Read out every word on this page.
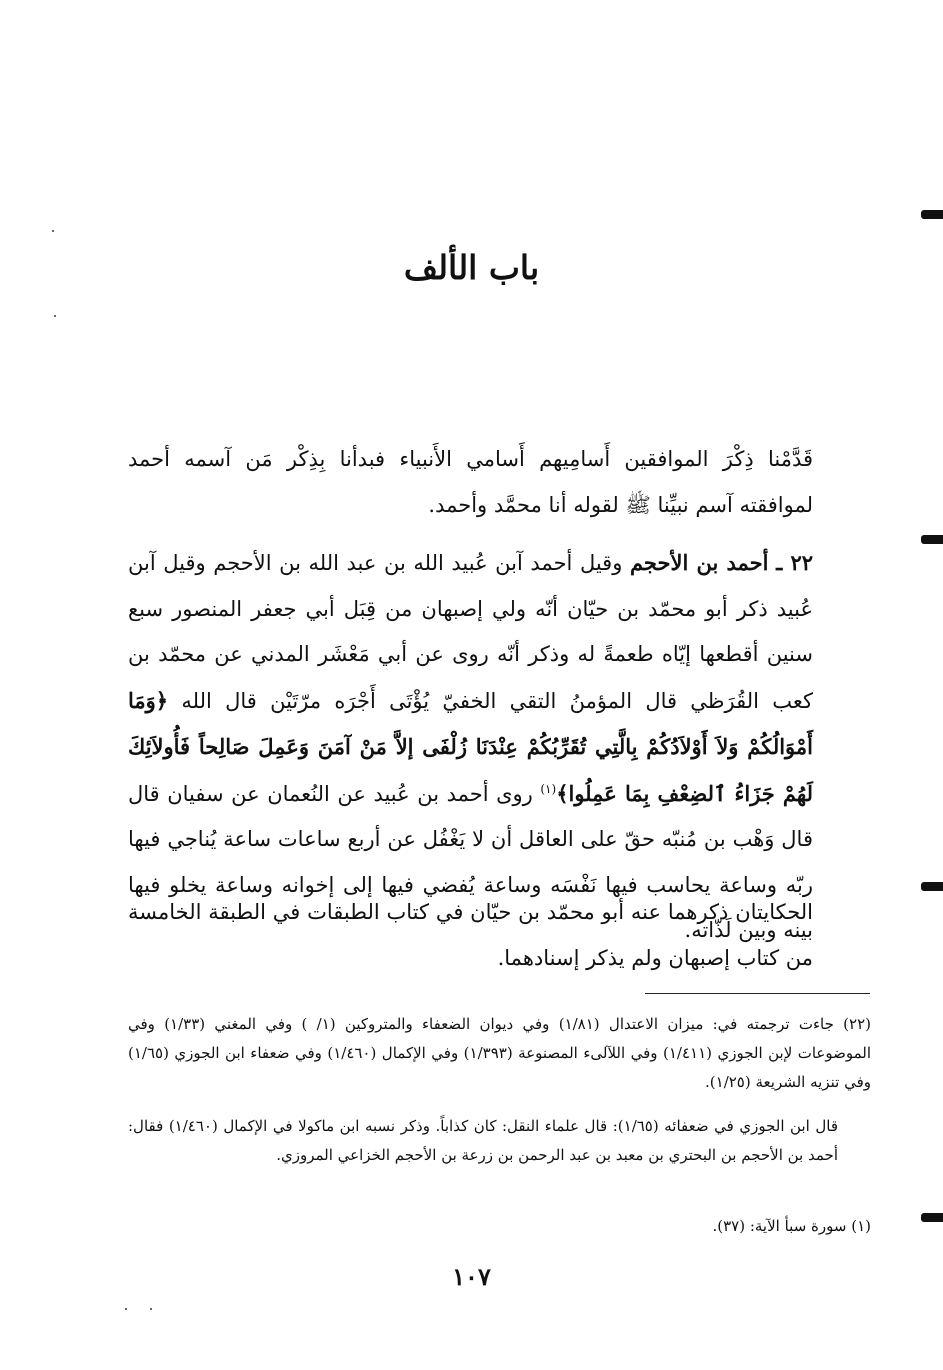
باب الألف

قَدَّمْنا ذِكْرَ الموافقين أَسامِيهم أَسامي الأَنبياء فبدأنا بِذِكْر مَن آسمه أحمد لموافقته آسم نبيِّنا ﷺ لقوله أنا محمَّد وأحمد.

٢٢ ـ أحمد بن الأحجم وقيل أحمد آبن عُبيد الله بن عبد الله بن الأحجم وقيل آبن عُبيد ذكر أبو محمّد بن حيّان أنّه ولي إصبهان من قِبَل أبي جعفر المنصور سبع سنين أقطعها إيّاه طعمةً له وذكر أنّه روى عن أبي مَعْشَر المدني عن محمّد بن كعب القُرَظي قال المؤمنُ التقي الخفيّ يُؤْتَى أَجْرَه مرّتَيْن قال الله ﴿وَمَا أَمْوَالُكُمْ وَلاَ أَوْلاَدُكُمْ بِالَّتِي تُقَرِّبُكُمْ عِنْدَنَا زُلْفَى إلاَّ مَنْ آمَنَ وَعَمِلَ صَالِحاً فَأُولاَئِكَ لَهُمْ جَزَاءُ ٱلضِعْفِ بِمَا عَمِلُوا﴾$^{(١)}$ روى أحمد بن عُبيد عن النُعمان عن سفيان قال قال وَهْب بن مُنبّه حقّ على العاقل أن لا يَغْفُل عن أربع ساعات ساعة يُناجي فيها ربّه وساعة يحاسب فيها نَفْسَه وساعة يُفضي فيها إلى إخوانه وساعة يخلو فيها بينه وبين لَذّاته.

الحكايتان ذكرهما عنه أبو محمّد بن حيّان في كتاب الطبقات في الطبقة الخامسة من كتاب إصبهان ولم يذكر إسنادهما.

(٢٢) جاءت ترجمته في: ميزان الاعتدال (١/٨١) وفي ديوان الضعفاء والمتروكين (١/ ) وفي المغني (١/٣٣) وفي الموضوعات لإبن الجوزي (١/٤١١) وفي اللآلىء المصنوعة (١/٣٩٣) وفي الإكمال (١/٤٦٠) وفي ضعفاء ابن الجوزي (١/٦٥) وفي تنزيه الشريعة (١/٢٥).

قال ابن الجوزي في ضعفائه (١/٦٥): قال علماء النقل: كان كذاباً. وذكر نسبه ابن ماكولا في الإكمال (١/٤٦٠) فقال: أحمد بن الأحجم بن البحتري بن معبد بن عبد الرحمن بن زرعة بن الأحجم الخزاعي المروزي.

(١) سورة سبأ الآية: (٣٧).

١٠٧
